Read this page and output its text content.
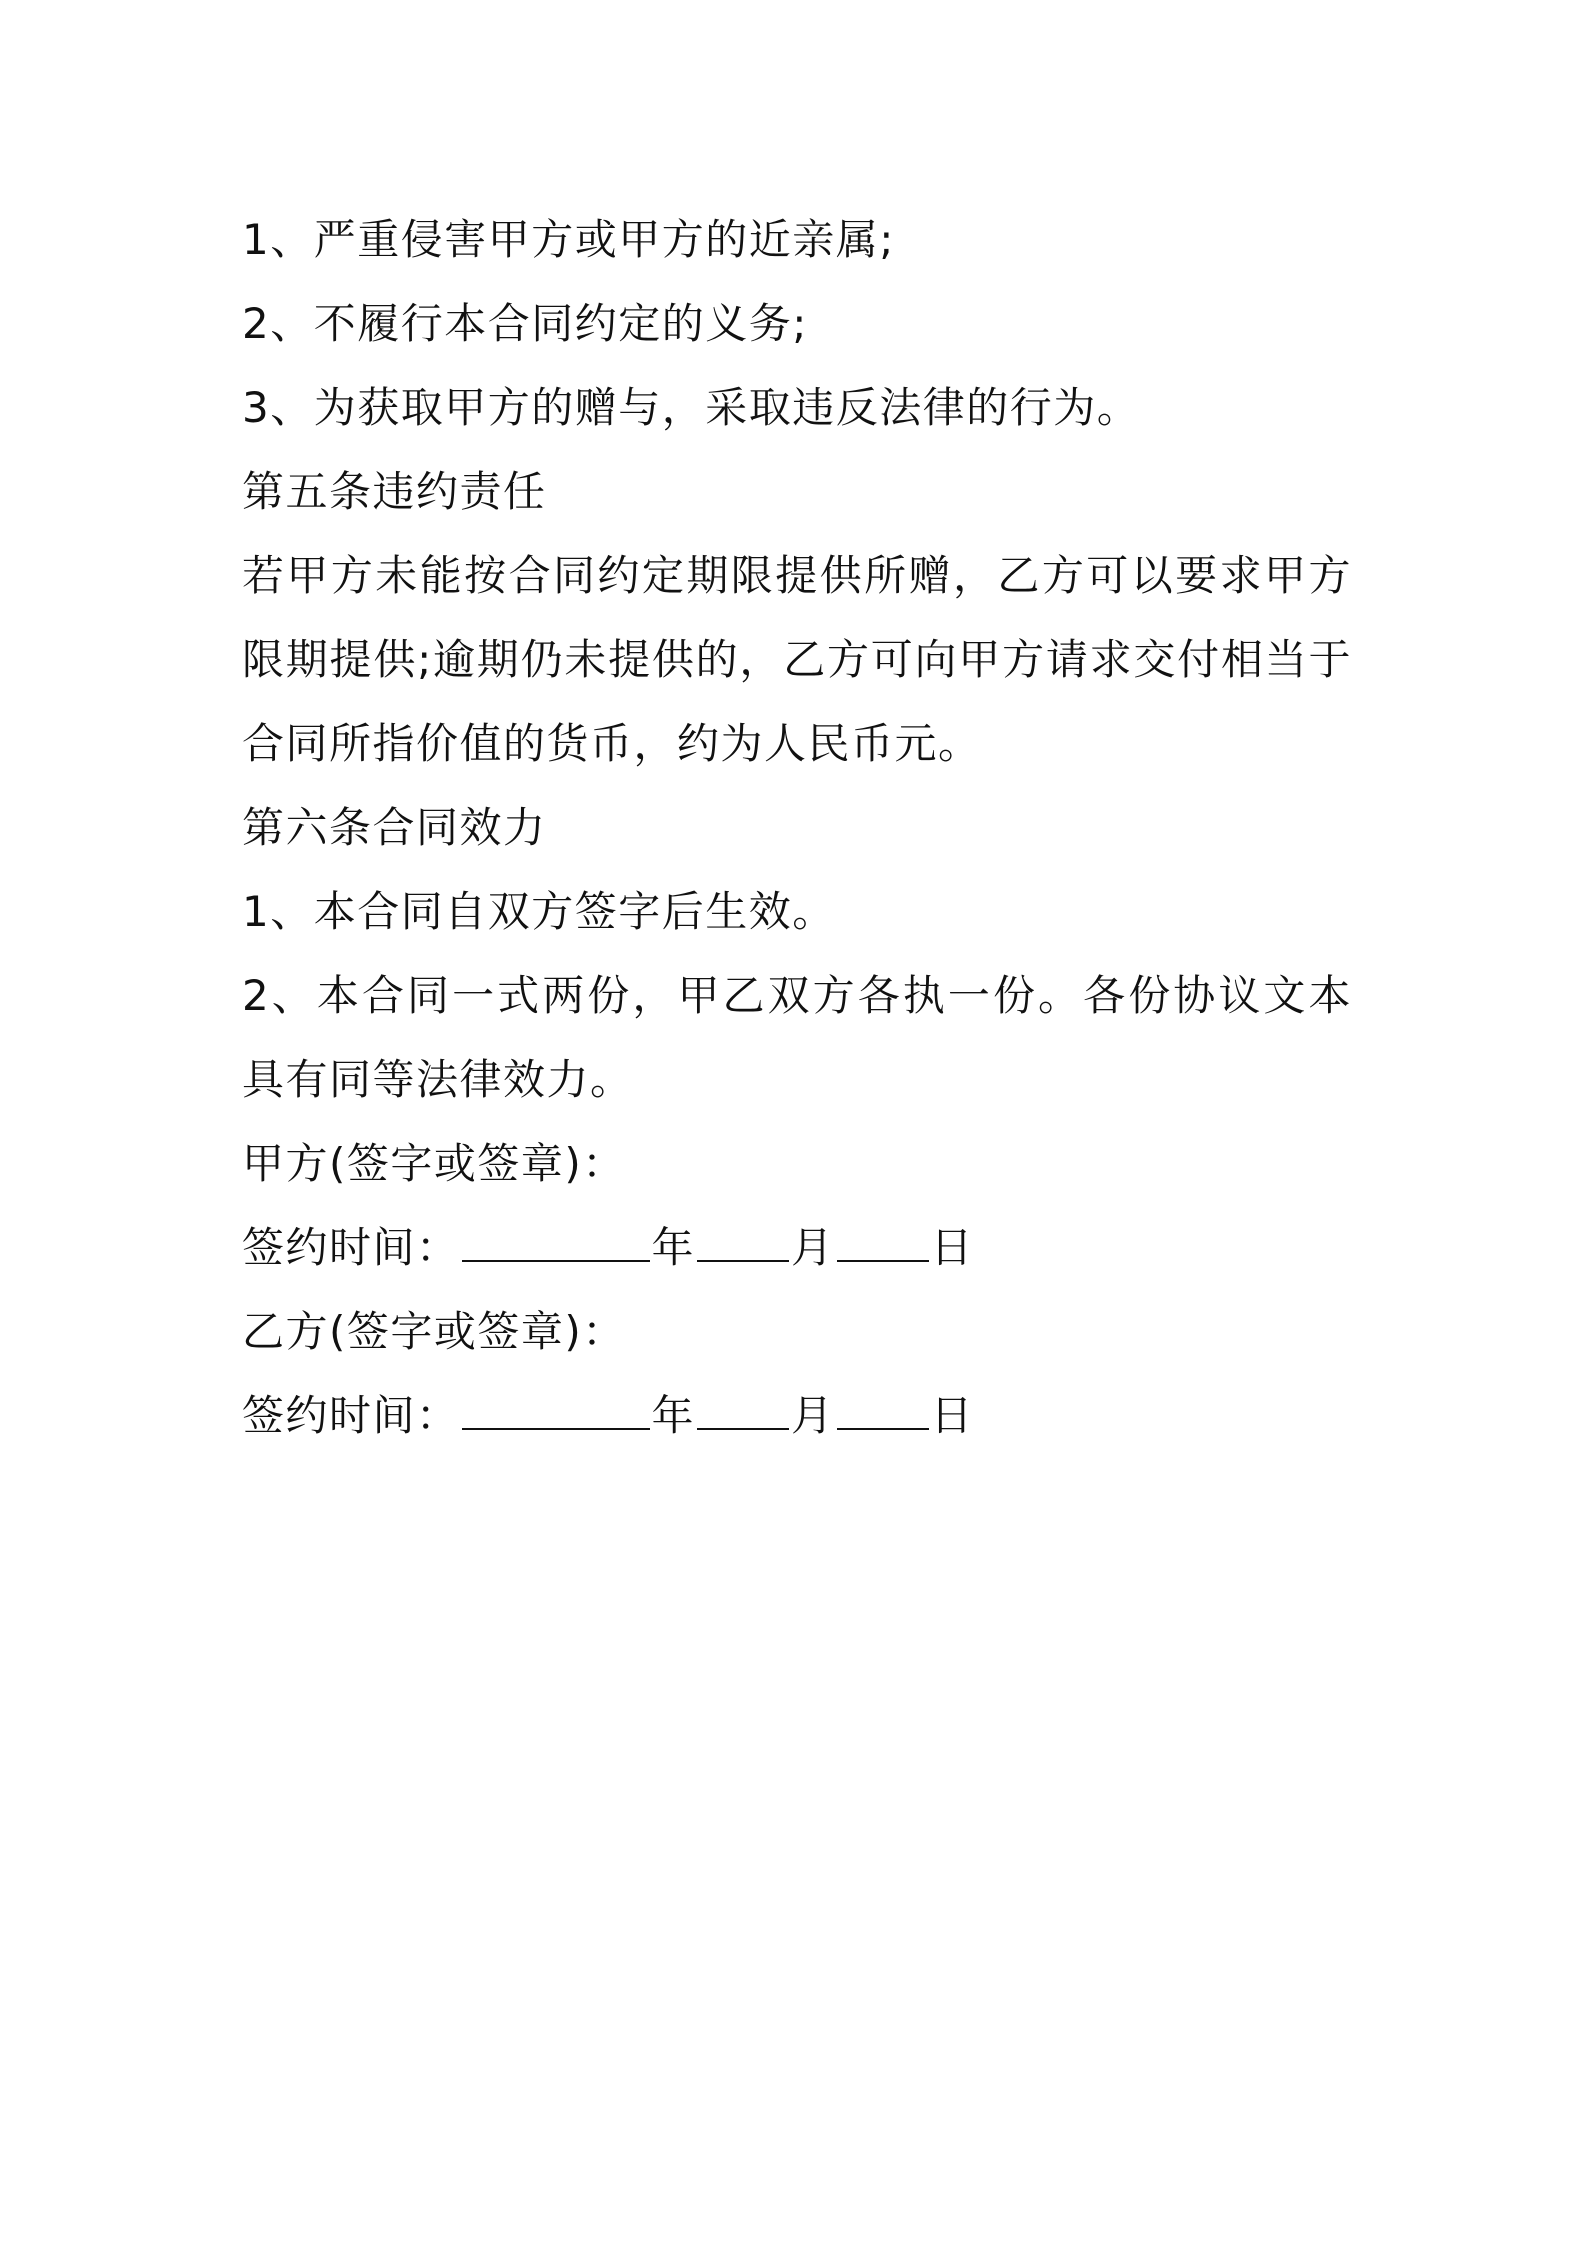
1、严重侵害甲方或甲方的近亲属;
2、不履行本合同约定的义务;
3、为获取甲方的赠与，采取违反法律的行为。
第五条违约责任
若甲方未能按合同约定期限提供所赠，乙方可以要求甲方限期提供;逾期仍未提供的，乙方可向甲方请求交付相当于合同所指价值的货币，约为人民币元。
第六条合同效力
1、本合同自双方签字后生效。
2、本合同一式两份，甲乙双方各执一份。各份协议文本具有同等法律效力。
甲方(签字或签章)：
签约时间：	年 月 日
乙方(签字或签章)：
签约时间：	年 月 日
